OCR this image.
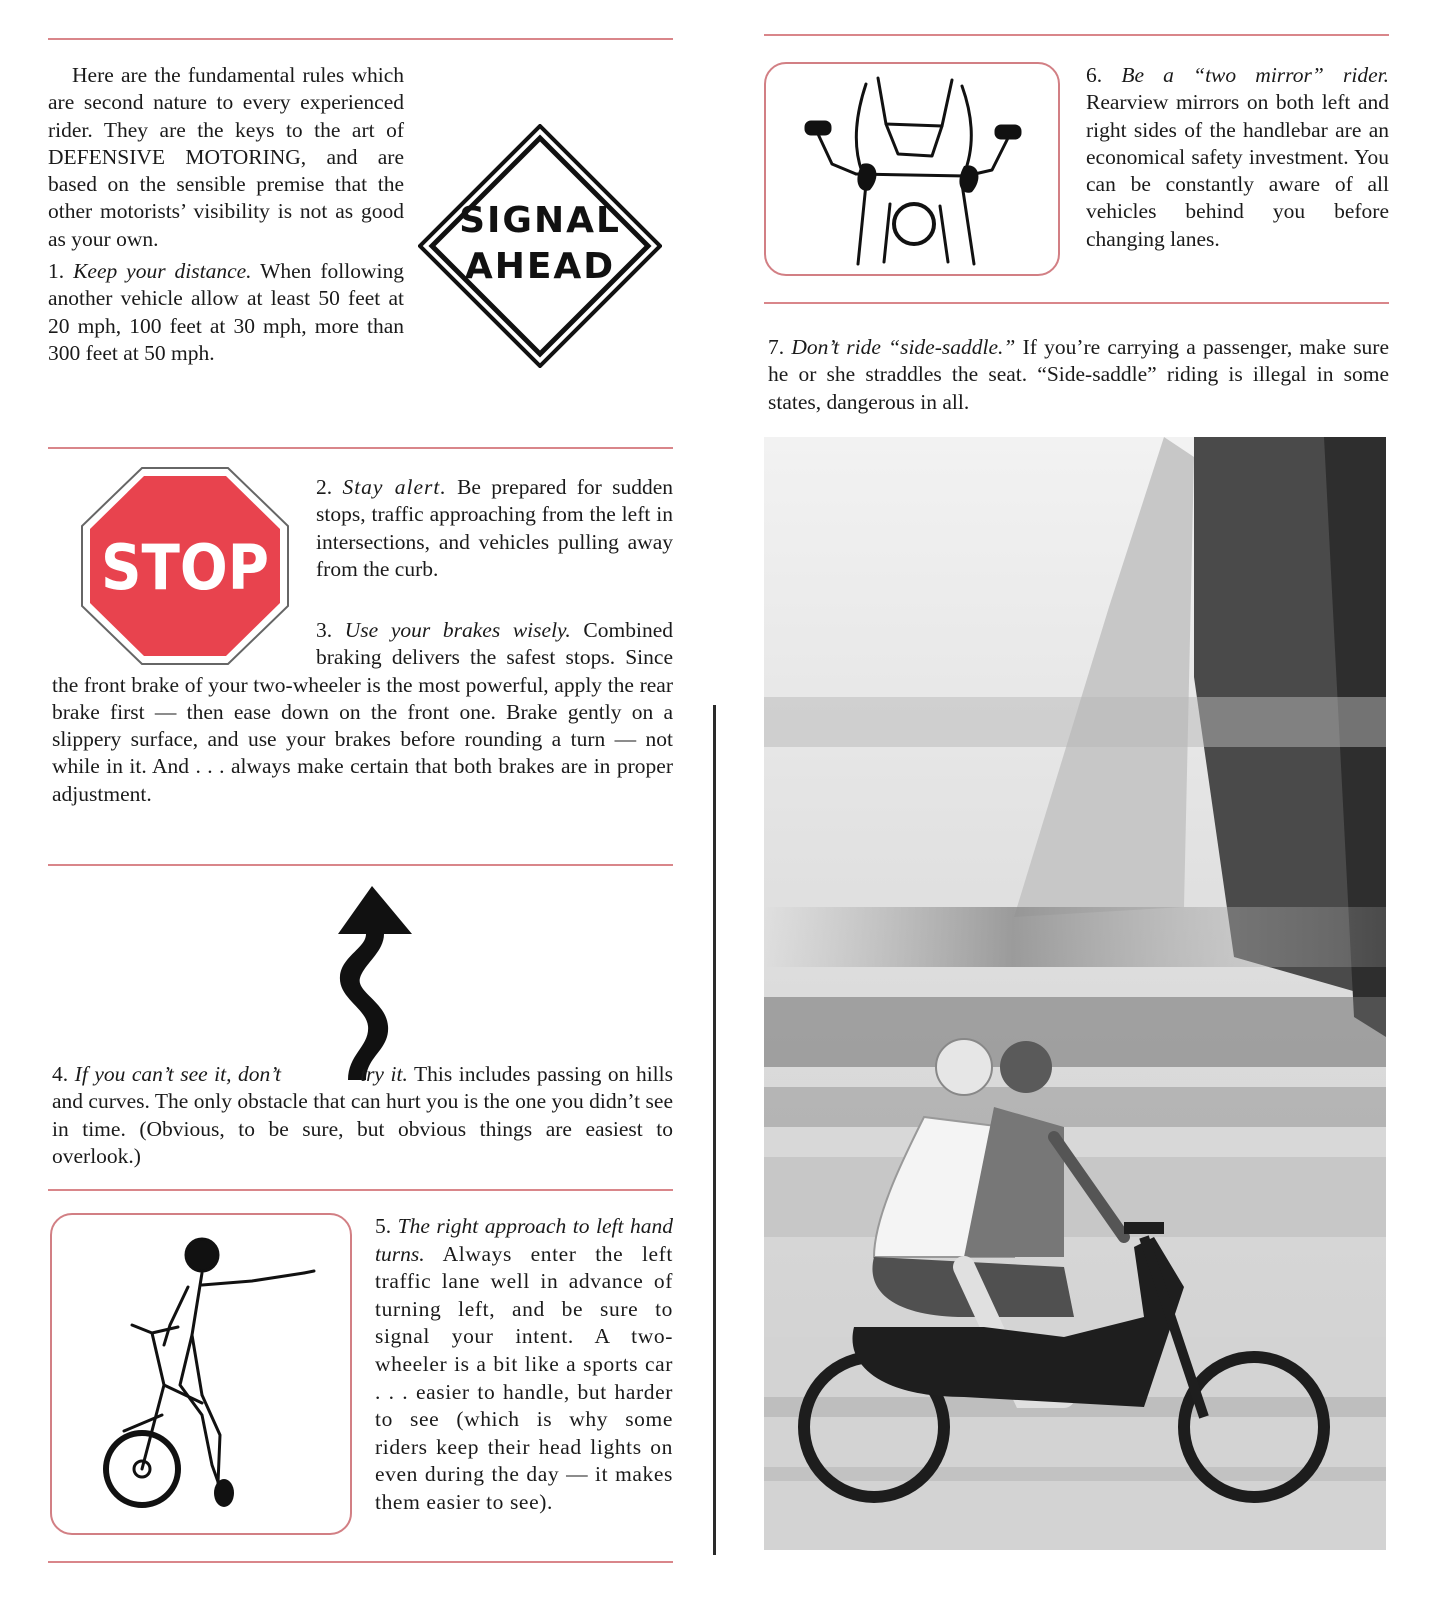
Here are the fundamental rules which are second nature to every experienced rider. They are the keys to the art of DEFENSIVE MOTORING, and are based on the sensible premise that the other motorists’ visibility is not as good as your own.

1. Keep your distance. When following another vehicle allow at least 50 feet at 20 mph, 100 feet at 30 mph, more than 300 feet at 50 mph.

SIGNAL
AHEAD
STOP

2. Stay alert. Be prepared for sudden stops, traffic approaching from the left in intersections, and vehicles pulling away from the curb.

3. Use your brakes wisely. Combined braking delivers the safest stops. Since the front brake of your two-wheeler is the most powerful, apply the rear brake first — then ease down on the front one. Brake gently on a slippery surface, and use your brakes before rounding a turn — not while in it. And . . . always make certain that both brakes are in proper adjustment.

4. If you can’t see it, don’t	try it. This includes passing on hills and curves. The only obstacle that can hurt you is the one you didn’t see in time. (Obvious, to be sure, but obvious things are easiest to overlook.)

5. The right approach to left hand turns. Always enter the left traffic lane well in advance of turning left, and be sure to signal your intent. A two-wheeler is a bit like a sports car . . . easier to handle, but harder to see (which is why some riders keep their head lights on even during the day — it makes them easier to see).

6. Be a “two mirror” rider. Rearview mirrors on both left and right sides of the handlebar are an economical safety investment. You can be constantly aware of all vehicles behind you before changing lanes.

7. Don’t ride “side-saddle.” If you’re carrying a passenger, make sure he or she straddles the seat. “Side-saddle” riding is illegal in some states, dangerous in all.
